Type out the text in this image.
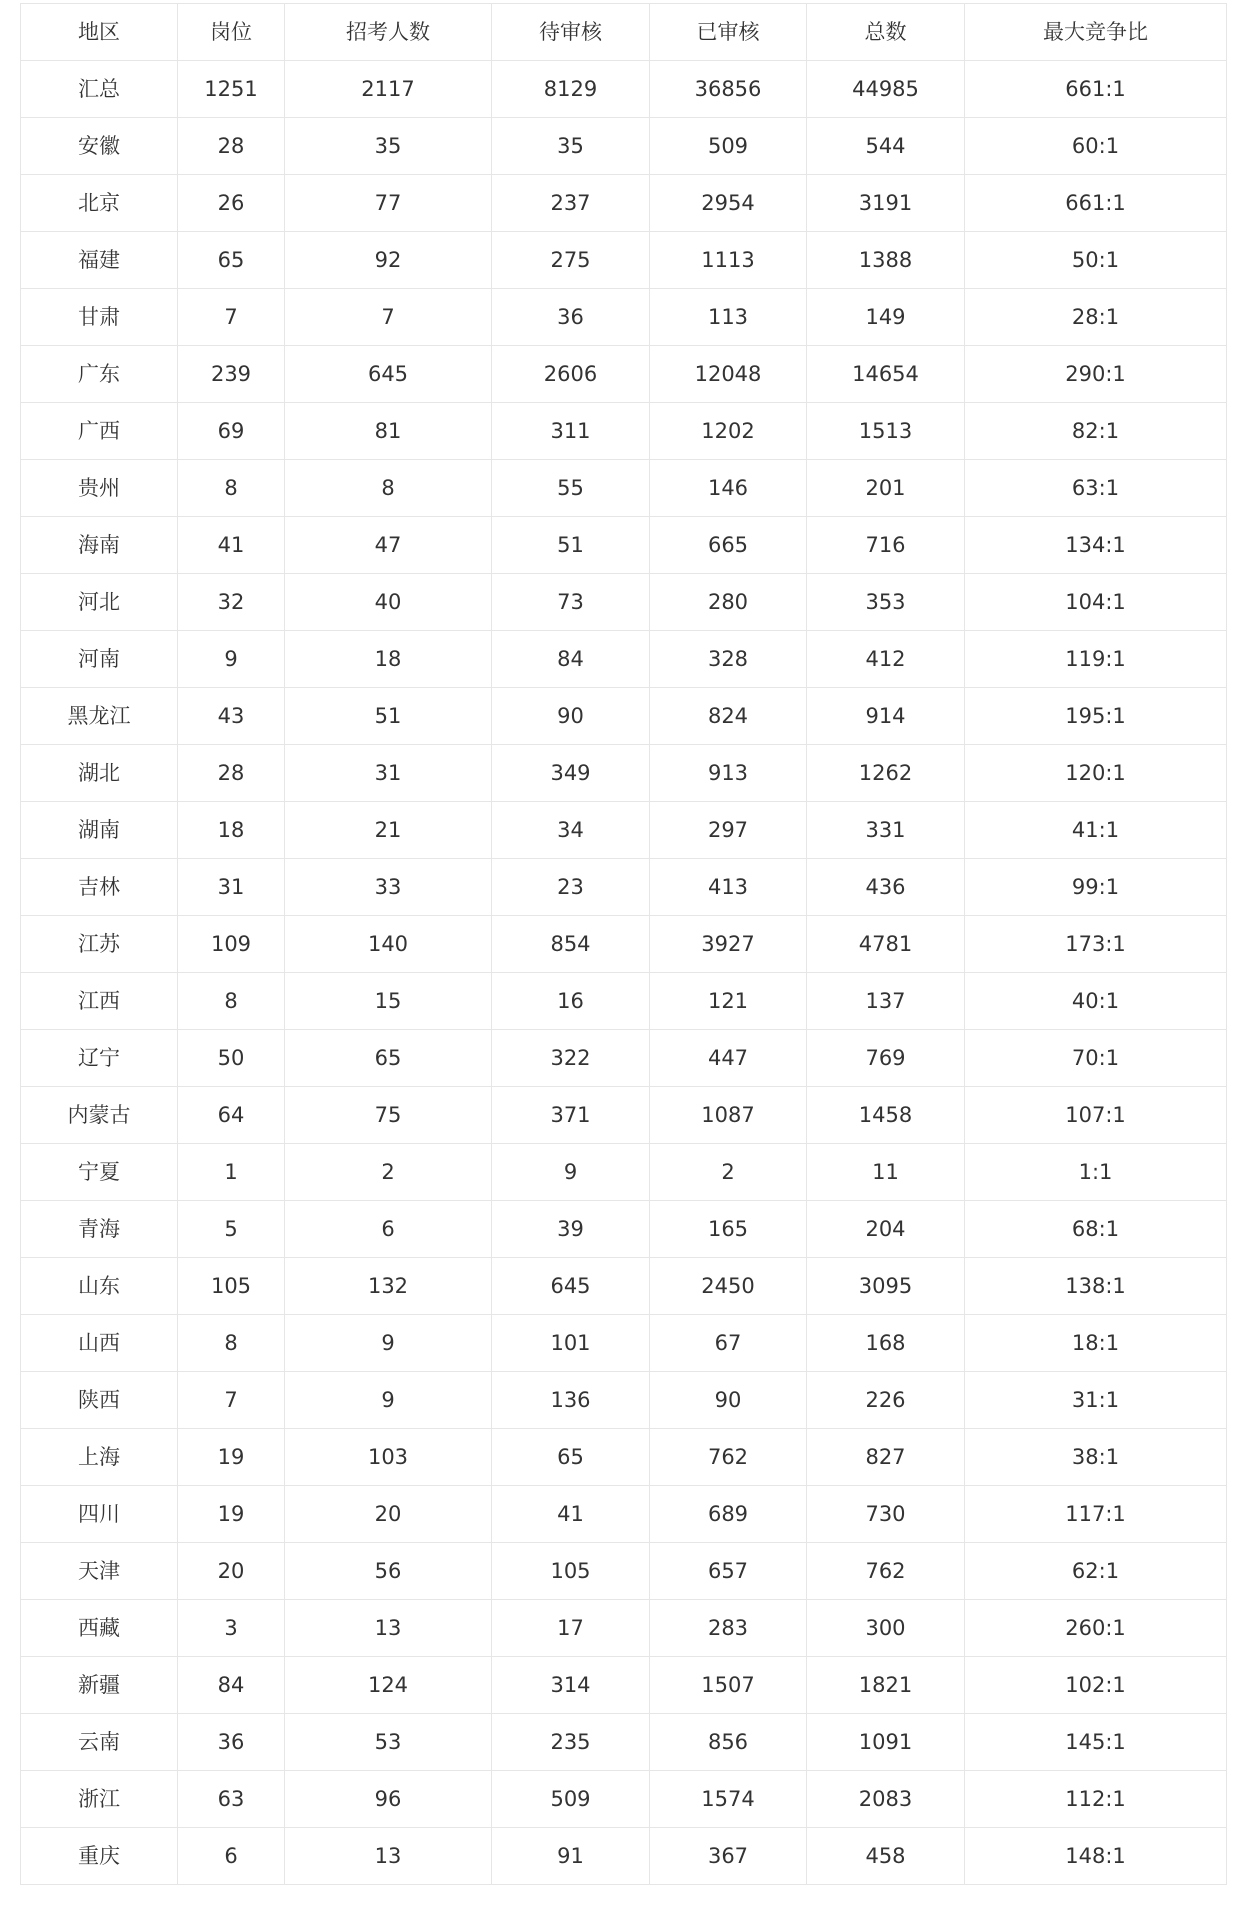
地区	岗位	招考人数	待审核	已审核	总数	最大竞争比
汇总	1251	2117	8129	36856	44985	661:1
安徽	28	35	35	509	544	60:1
北京	26	77	237	2954	3191	661:1
福建	65	92	275	1113	1388	50:1
甘肃	7	7	36	113	149	28:1
广东	239	645	2606	12048	14654	290:1
广西	69	81	311	1202	1513	82:1
贵州	8	8	55	146	201	63:1
海南	41	47	51	665	716	134:1
河北	32	40	73	280	353	104:1
河南	9	18	84	328	412	119:1
黑龙江	43	51	90	824	914	195:1
湖北	28	31	349	913	1262	120:1
湖南	18	21	34	297	331	41:1
吉林	31	33	23	413	436	99:1
江苏	109	140	854	3927	4781	173:1
江西	8	15	16	121	137	40:1
辽宁	50	65	322	447	769	70:1
内蒙古	64	75	371	1087	1458	107:1
宁夏	1	2	9	2	11	1:1
青海	5	6	39	165	204	68:1
山东	105	132	645	2450	3095	138:1
山西	8	9	101	67	168	18:1
陕西	7	9	136	90	226	31:1
上海	19	103	65	762	827	38:1
四川	19	20	41	689	730	117:1
天津	20	56	105	657	762	62:1
西藏	3	13	17	283	300	260:1
新疆	84	124	314	1507	1821	102:1
云南	36	53	235	856	1091	145:1
浙江	63	96	509	1574	2083	112:1
重庆	6	13	91	367	458	148:1
